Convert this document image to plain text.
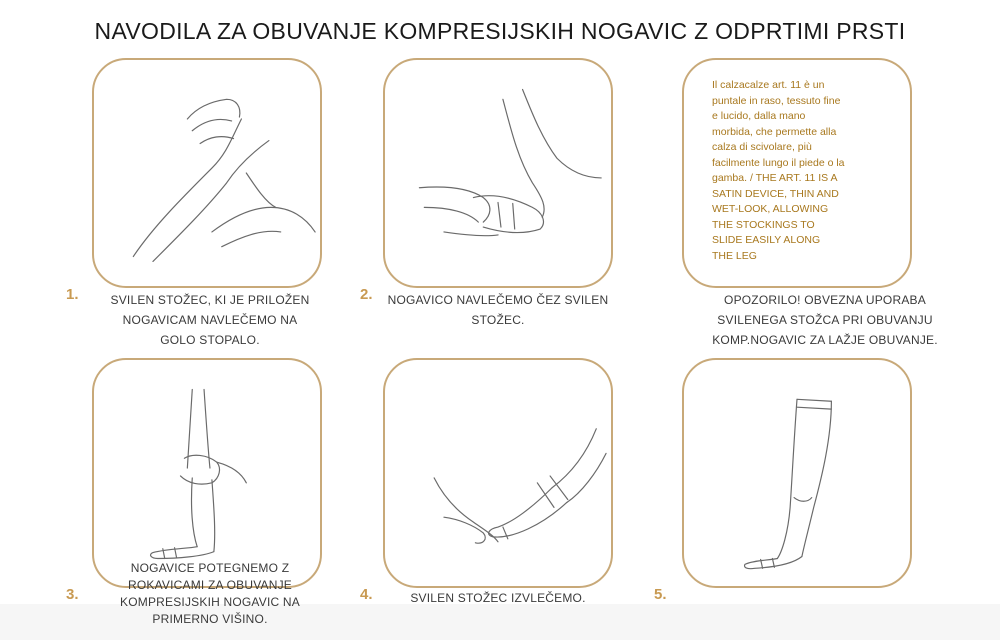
NAVODILA ZA OBUVANJE KOMPRESIJSKIH NOGAVIC Z ODPRTIMI PRSTI
1.	SVILEN STOŽEC, KI JE PRILOŽEN
NOGAVICAM NAVLEČEMO NA
GOLO STOPALO.
2.	NOGAVICO NAVLEČEMO ČEZ SVILEN
STOŽEC.
Il calzacalze art. 11 è un
puntale in raso, tessuto fine
e lucido, dalla mano
morbida, che permette alla
calza di scivolare, più
facilmente lungo il piede o la
gamba. / THE ART. 11 IS A
SATIN DEVICE, THIN AND
WET-LOOK, ALLOWING
THE STOCKINGS TO
SLIDE EASILY ALONG
THE LEG
OPOZORILO! OBVEZNA UPORABA
SVILENEGA STOŽCA PRI OBUVANJU
KOMP.NOGAVIC ZA LAŽJE OBUVANJE.
3.
NOGAVICE POTEGNEMO Z
ROKAVICAMI ZA OBUVANJE
KOMPRESIJSKIH NOGAVIC NA
PRIMERNO VIŠINO.
4.	SVILEN STOŽEC IZVLEČEMO.	5.
